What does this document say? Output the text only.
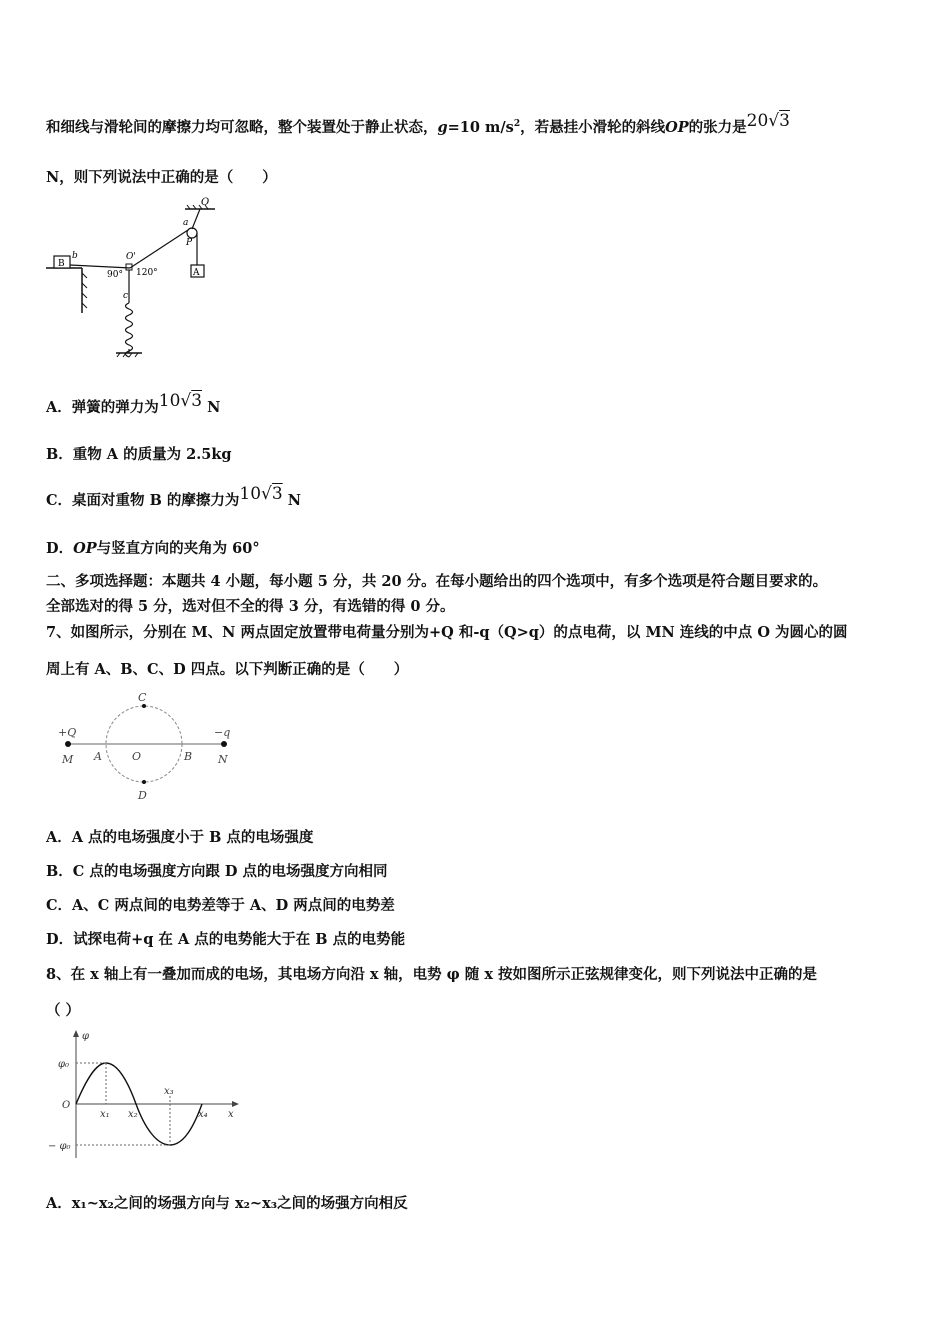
和细线与滑轮间的摩擦力均可忽略，整个装置处于静止状态，g=10 $m/s^2$，若悬挂小滑轮的斜线OP的张力是20√3
N，则下列说法中正确的是（　　）
O
a
P
A
B
b	O'
90° 120°
c
A．弹簧的弹力为10√3 N
B．重物 A 的质量为 2.5kg
C．桌面对重物 B 的摩擦力为10√3 N
D．OP与竖直方向的夹角为 60°
二、多项选择题：本题共 4 小题，每小题 5 分，共 20 分。在每小题给出的四个选项中，有多个选项是符合题目要求的。
全部选对的得 5 分，选对但不全的得 3 分，有选错的得 0 分。
7、如图所示，分别在 M、N 两点固定放置带电荷量分别为+Q 和-q（Q>q）的点电荷，以 MN 连线的中点 O 为圆心的圆
周上有 A、B、C、D 四点。以下判断正确的是（　　）
C
D
+Q
M A	O	B
−q
N
A．A 点的电场强度小于 B 点的电场强度
B．C 点的电场强度方向跟 D 点的电场强度方向相同
C．A、C 两点间的电势差等于 A、D 两点间的电势差
D．试探电荷+q 在 A 点的电势能大于在 B 点的电势能
8、在 x 轴上有一叠加而成的电场，其电场方向沿 x 轴，电势 φ 随 x 按如图所示正弦规律变化，则下列说法中正确的是
（ ）
φ
φ₀
O
− φ₀
x₁ x₂
x₃
x₄ x
A．x₁~x₂之间的场强方向与 x₂~x₃之间的场强方向相反
